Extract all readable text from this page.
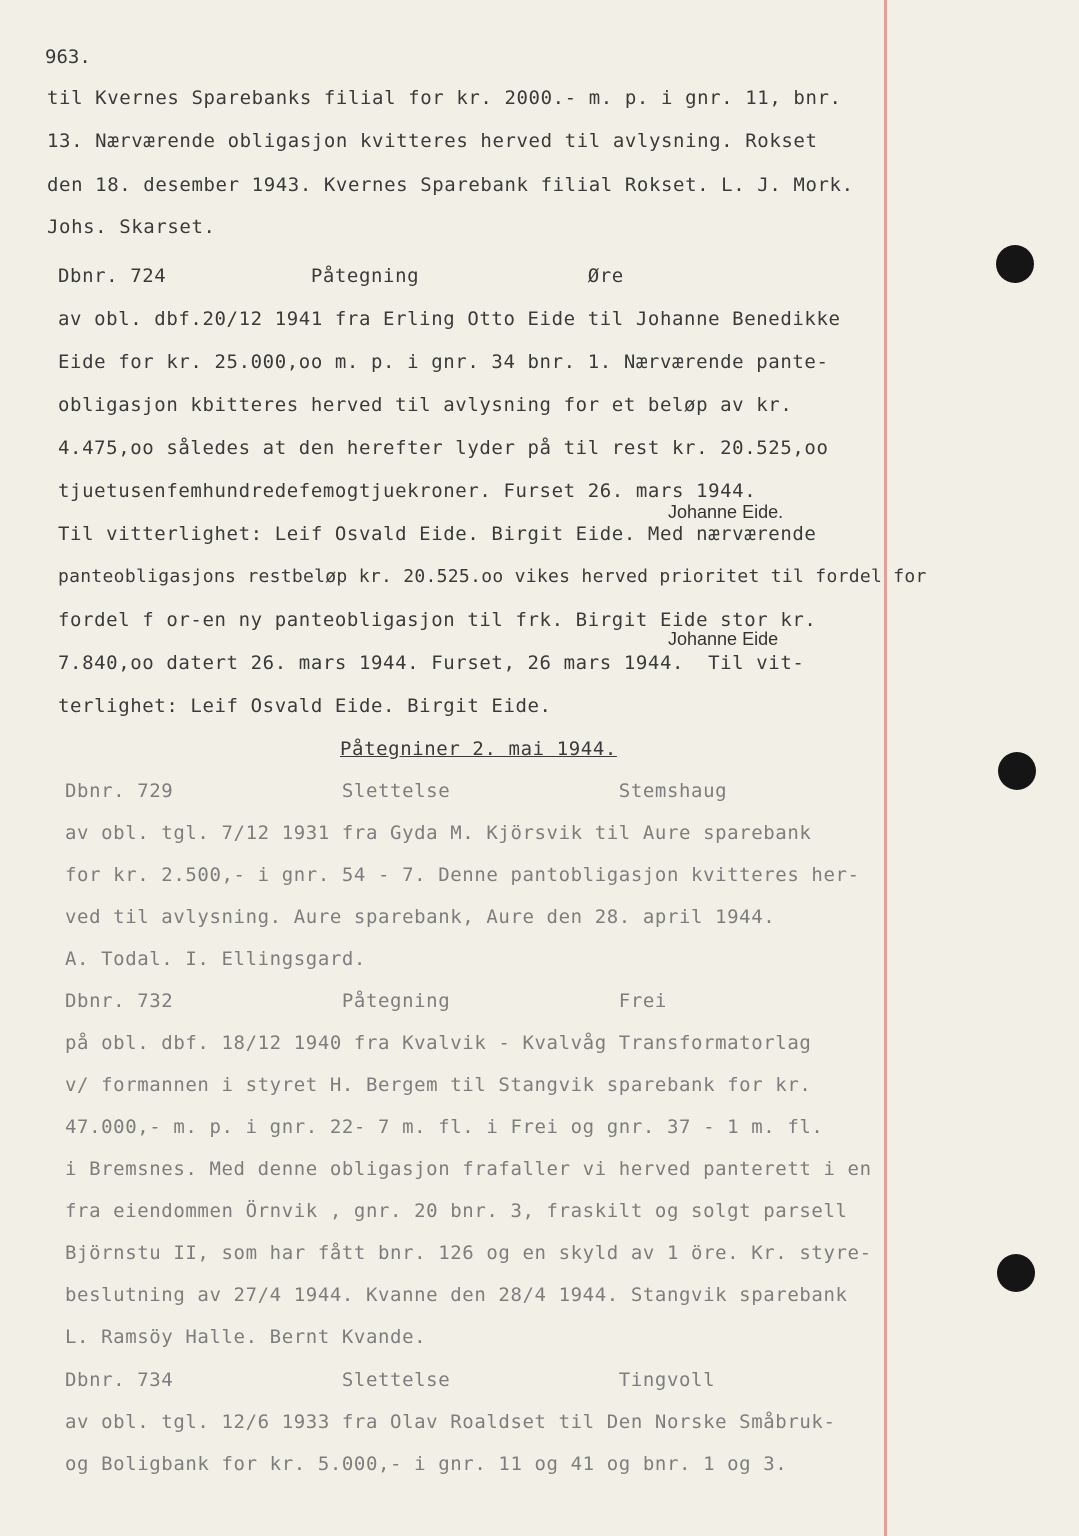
963.
til Kvernes Sparebanks filial for kr. 2000.- m. p. i gnr. 11, bnr.
13. Nærværende obligasjon kvitteres herved til avlysning. Rokset
den 18. desember 1943. Kvernes Sparebank filial Rokset. L. J. Mork.
Johs. Skarset.
Dbnr. 724            Påtegning              Øre
av obl. dbf.20/12 1941 fra Erling Otto Eide til Johanne Benedikke
Eide for kr. 25.000,oo m. p. i gnr. 34 bnr. 1. Nærværende pante-
obligasjon kbitteres herved til avlysning for et beløp av kr.
4.475,oo således at den herefter lyder på til rest kr. 20.525,oo
tjuetusenfemhundredefemogtjuekroner. Furset 26. mars 1944.
Johanne Eide.
Til vitterlighet: Leif Osvald Eide. Birgit Eide. Med nærværende
panteobligasjons restbeløp kr. 20.525.oo vikes herved prioritet til fordel for
fordel f or-en ny panteobligasjon til frk. Birgit Eide stor kr.
Johanne Eide
7.840,oo datert 26. mars 1944. Furset, 26 mars 1944.  Til vit-
terlighet: Leif Osvald Eide. Birgit Eide.
Påtegniner 2. mai 1944.
Dbnr. 729              Slettelse              Stemshaug
av obl. tgl. 7/12 1931 fra Gyda M. Kjörsvik til Aure sparebank
for kr. 2.500,- i gnr. 54 - 7. Denne pantobligasjon kvitteres her-
ved til avlysning. Aure sparebank, Aure den 28. april 1944.
A. Todal. I. Ellingsgard.
Dbnr. 732              Påtegning              Frei
på obl. dbf. 18/12 1940 fra Kvalvik - Kvalvåg Transformatorlag
v/ formannen i styret H. Bergem til Stangvik sparebank for kr.
47.000,- m. p. i gnr. 22- 7 m. fl. i Frei og gnr. 37 - 1 m. fl.
i Bremsnes. Med denne obligasjon frafaller vi herved panterett i en
fra eiendommen Örnvik , gnr. 20 bnr. 3, fraskilt og solgt parsell
Björnstu II, som har fått bnr. 126 og en skyld av 1 öre. Kr. styre-
beslutning av 27/4 1944. Kvanne den 28/4 1944. Stangvik sparebank
L. Ramsöy Halle. Bernt Kvande.
Dbnr. 734              Slettelse              Tingvoll
av obl. tgl. 12/6 1933 fra Olav Roaldset til Den Norske Småbruk-
og Boligbank for kr. 5.000,- i gnr. 11 og 41 og bnr. 1 og 3.
